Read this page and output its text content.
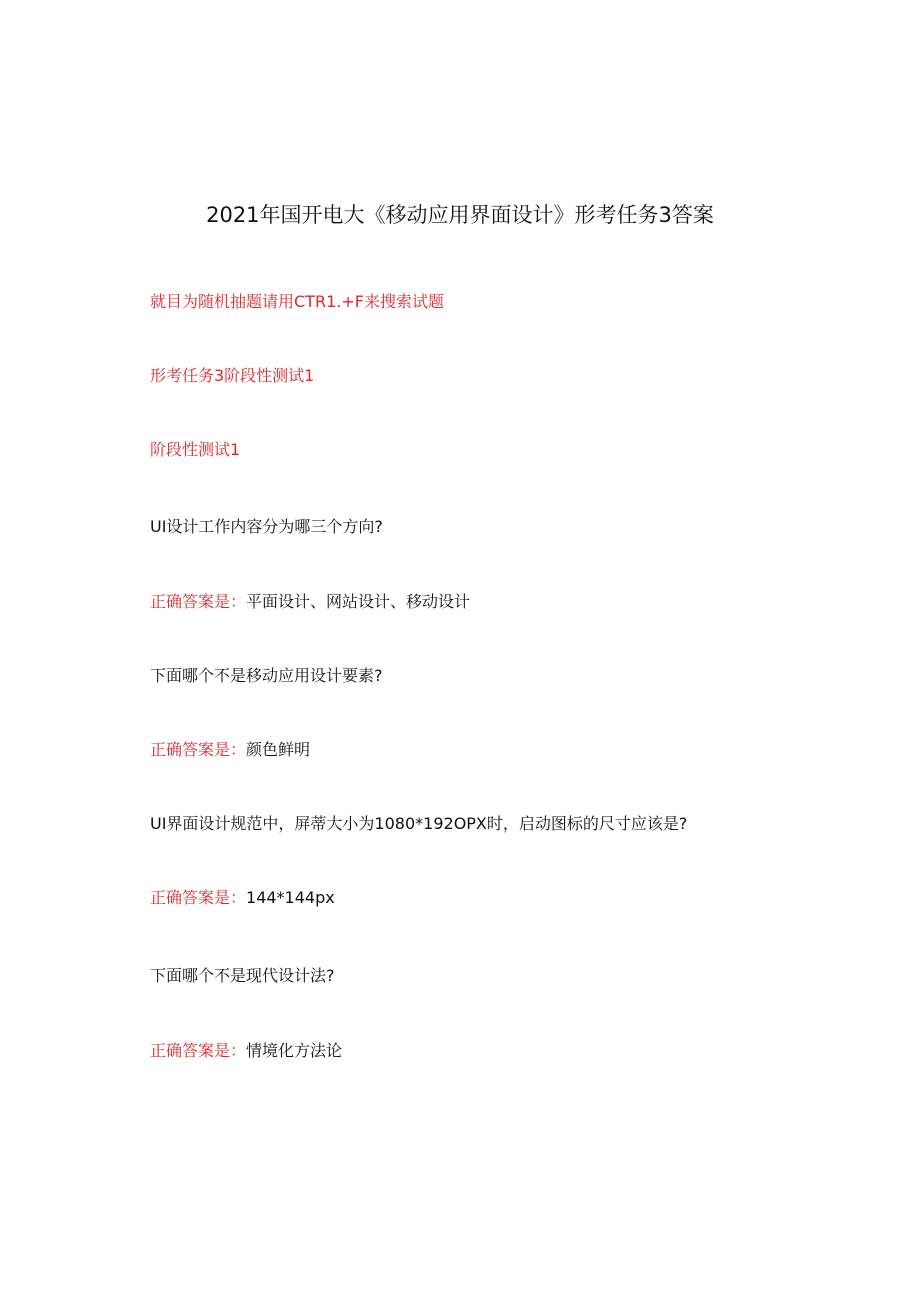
2021年国开电大《移动应用界面设计》形考任务3答案
就目为随机抽题请用CTR1.+F来搜索试题
形考任务3阶段性测试1
阶段性测试1
UI设计工作内容分为哪三个方向?
正确答案是：平面设计、网站设计、移动设计
下面哪个不是移动应用设计要素?
正确答案是：颜色鲜明
UI界面设计规范中，屏蒂大小为1080*192OPX时，启动图标的尺寸应该是?
正确答案是：144*144px
下面哪个不是现代设计法?
正确答案是：情境化方法论
